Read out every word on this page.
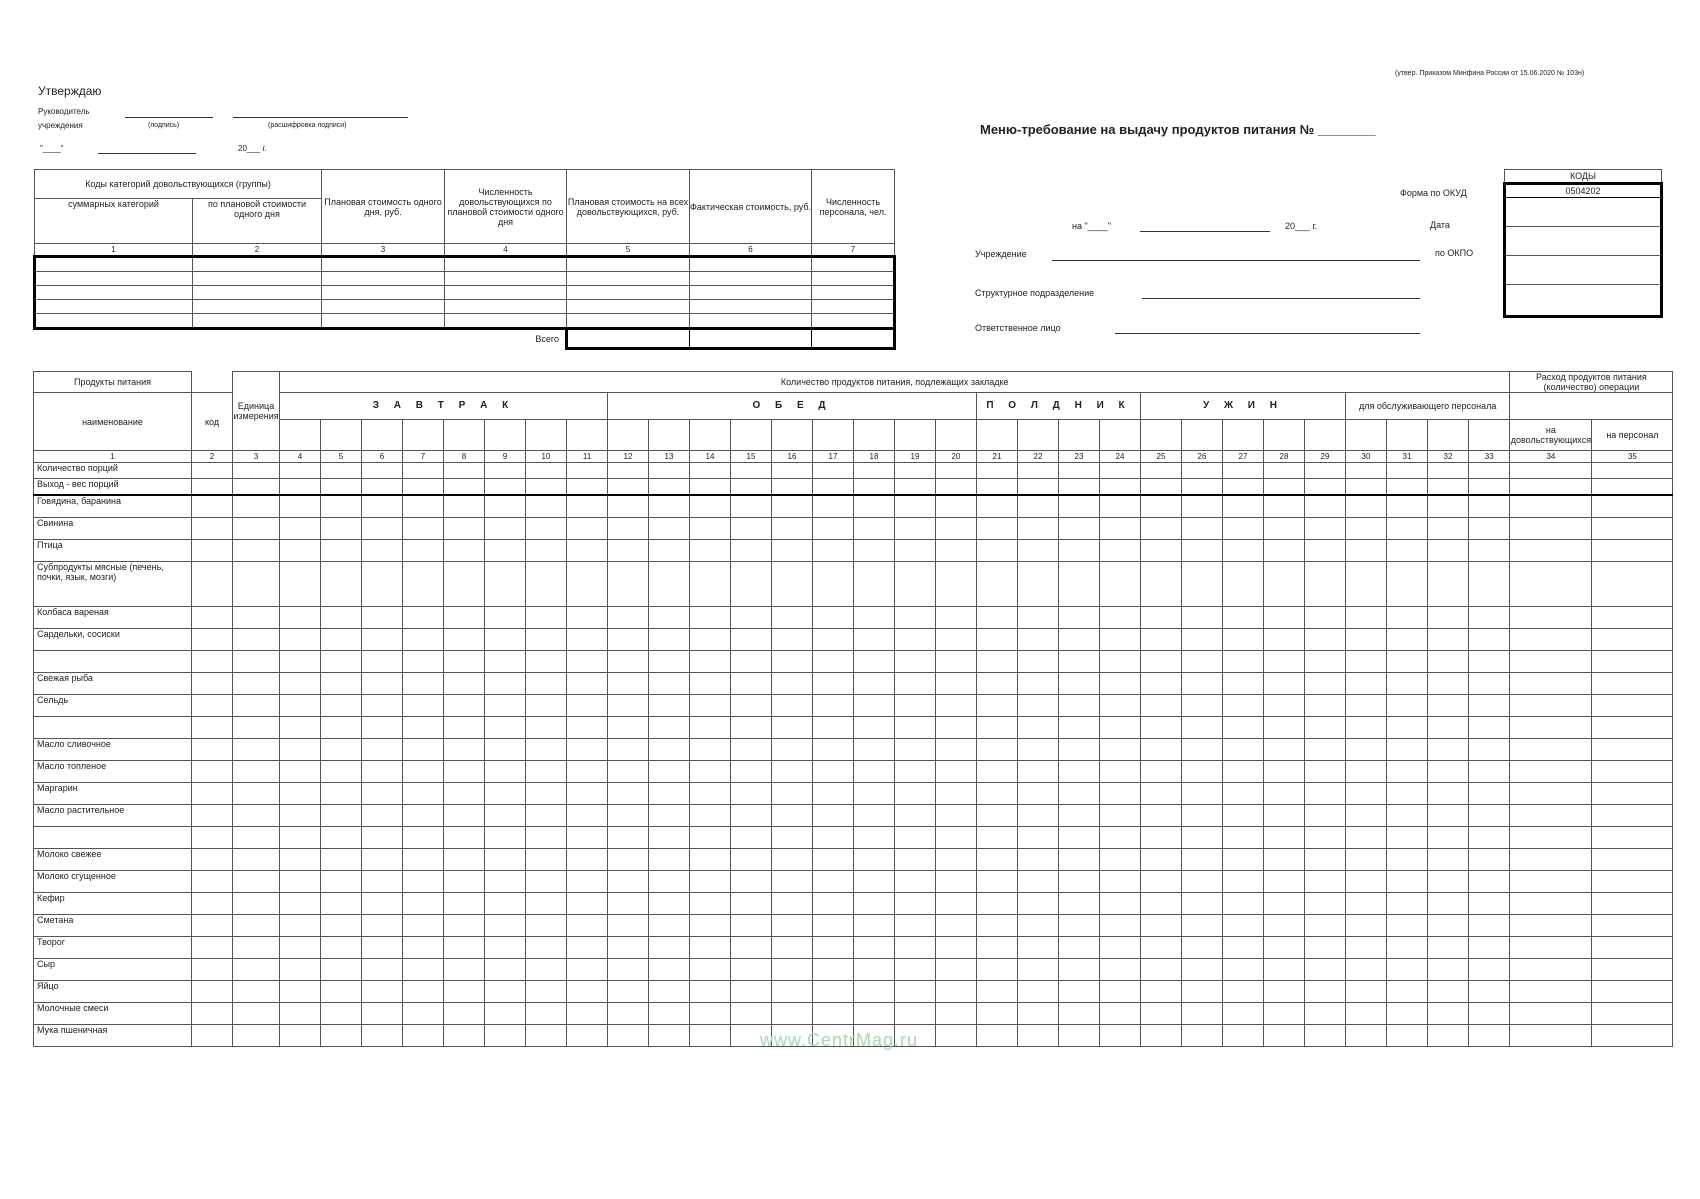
Утверждаю
Руководитель
учреждения	(подпись)	(расшифровка подписи)
"____"	20___ г.
(утвер. Приказом Минфина России от 15.06.2020 № 103н)
Меню-требование на выдачу продуктов питания № ________
Форма по ОКУД
Дата
по ОКПО
КОДЫ
0504202

на "____"	20___ г.
Учреждение
Структурное подразделение
Ответственное лицо
Коды категорий довольствующихся (группы)		Плановая стоимость одного дня, руб.	Численность довольствующихся по плановой стоимости одного дня	Плановая стоимость на всех довольствующихся, руб.	Фактическая стоимость, руб.	Численность персонала, чел.
суммарных категорий	по плановой стоимости одного дня					
1	2	3	4	5	6	7

Всего						
Продукты питания		Единица измерения	Количество продуктов питания, подлежащих закладке																														Расход продуктов питания (количество) операции	
наименование	код		З А В Т Р А К								О Б Е Д									П О Л Д Н И К				У Ж И Н					для обслуживающего персонала					
																																	на довольствующихся	на персонал
1	2	3	4	5	6	7	8	9	10	11	12	13	14	15	16	17	18	19	20	21	22	23	24	25	26	27	28	29	30	31	32	33	34	35
Количество порций																																		
Выход - вес порций																																		
Говядина, баранина																																		
Свинина																																		
Птица																																		
Субпродукты мясные (печень, почки, язык, мозги)																																		
Колбаса вареная																																		
Сардельки, сосиски																																		

Свежая рыба																																		
Сельдь																																		

Масло сливочное																																		
Масло топленое																																		
Маргарин																																		
Масло растительное																																		

Молоко свежее																																		
Молоко сгущенное																																		
Кефир																																		
Сметана																																		
Творог																																		
Сыр																																		
Яйцо																																		
Молочные смеси																																		
Мука пшеничная																																			www.CentrMag.ru
